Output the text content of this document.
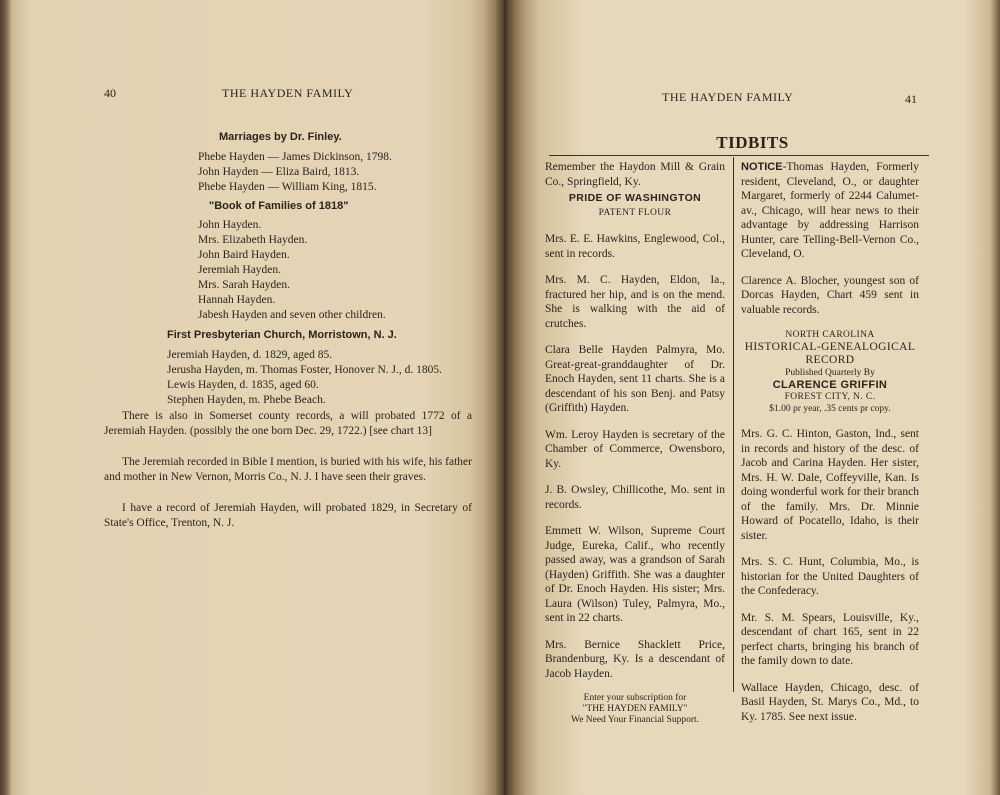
40	THE HAYDEN FAMILY
Marriages by Dr. Finley.
Phebe Hayden — James Dickinson, 1798.
John Hayden — Eliza Baird, 1813.
Phebe Hayden — William King, 1815.
"Book of Families of 1818"
John Hayden.
Mrs. Elizabeth Hayden.
John Baird Hayden.
Jeremiah Hayden.
Mrs. Sarah Hayden.
Hannah Hayden.
Jabesh Hayden and seven other children.
First Presbyterian Church, Morristown, N. J.
Jeremiah Hayden, d. 1829, aged 85.
Jerusha Hayden, m. Thomas Foster, Honover N. J., d. 1805.
Lewis Hayden, d. 1835, aged 60.
Stephen Hayden, m. Phebe Beach.
There is also in Somerset county records, a will probated 1772 of a Jeremiah Hayden. (possibly the one born Dec. 29, 1722.) [see chart 13]
The Jeremiah recorded in Bible I mention, is buried with his wife, his father and mother in New Vernon, Morris Co., N. J. I have seen their graves.
I have a record of Jeremiah Hayden, will probated 1829, in Secretary of State's Office, Trenton, N. J.
THE HAYDEN FAMILY	41
TIDBITS

Remember the Haydon Mill & Grain Co., Springfield, Ky.

PRIDE OF WASHINGTON
PATENT FLOUR

Mrs. E. E. Hawkins, Englewood, Col., sent in records.

Mrs. M. C. Hayden, Eldon, Ia., fractured her hip, and is on the mend. She is walking with the aid of crutches.

Clara Belle Hayden Palmyra, Mo. Great-great-granddaughter of Dr. Enoch Hayden, sent 11 charts. She is a descendant of his son Benj. and Patsy (Griffith) Hayden.

Wm. Leroy Hayden is secretary of the Chamber of Commerce, Owensboro, Ky.

J. B. Owsley, Chillicothe, Mo. sent in records.

Emmett W. Wilson, Supreme Court Judge, Eureka, Calif., who recently passed away, was a grandson of Sarah (Hayden) Griffith. She was a daughter of Dr. Enoch Hayden. His sister; Mrs. Laura (Wilson) Tuley, Palmyra, Mo., sent in 22 charts.

Mrs. Bernice Shacklett Price, Brandenburg, Ky. Is a descendant of Jacob Hayden.

Enter your subscription for
"THE HAYDEN FAMILY"
We Need Your Financial Support.

NOTICE-Thomas Hayden, Formerly resident, Cleveland, O., or daughter Margaret, formerly of 2244 Calumet-av., Chicago, will hear news to their advantage by addressing Harrison Hunter, care Telling-Bell-Vernon Co., Cleveland, O.

Clarence A. Blocher, youngest son of Dorcas Hayden, Chart 459 sent in valuable records.

NORTH CAROLINA
HISTORICAL-GENEALOGICAL
RECORD
Published Quarterly By
CLARENCE GRIFFIN
FOREST CITY, N. C.
$1.00 pr year, .35 cents pr copy.

Mrs. G. C. Hinton, Gaston, Ind., sent in records and history of the desc. of Jacob and Carina Hayden. Her sister, Mrs. H. W. Dale, Coffeyville, Kan. Is doing wonderful work for their branch of the family. Mrs. Dr. Minnie Howard of Pocatello, Idaho, is their sister.

Mrs. S. C. Hunt, Columbia, Mo., is historian for the United Daughters of the Confederacy.

Mr. S. M. Spears, Louisville, Ky., descendant of chart 165, sent in 22 perfect charts, bringing his branch of the family down to date.

Wallace Hayden, Chicago, desc. of Basil Hayden, St. Marys Co., Md., to Ky. 1785. See next issue.
